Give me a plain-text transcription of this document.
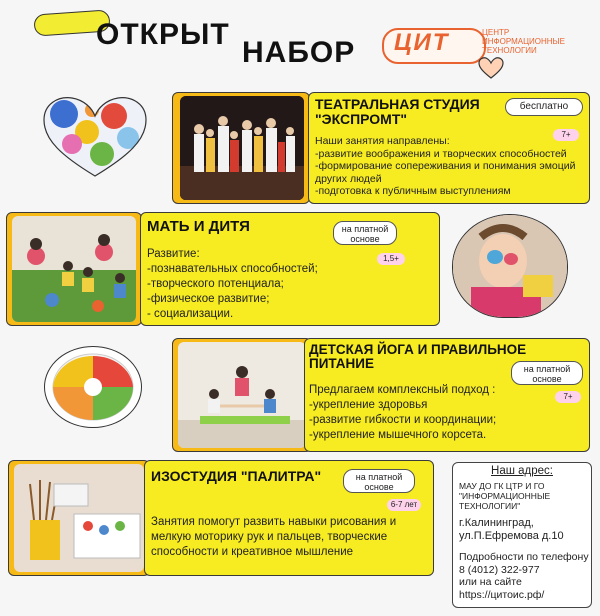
ОТКРЫТ
НАБОР ЦИТ	ЦЕНТР
ИНФОРМАЦИОННЫЕ
ТЕХНОЛОГИИ
ТЕАТРАЛЬНАЯ СТУДИЯ "ЭКСПРОМТ"
бесплатно
7+
Наши занятия направлены:
-развитие воображения и творческих способностей
-формирование сопереживания и понимания эмоций
других людей
-подготовка к публичным выступлениям
МАТЬ И ДИТЯ	на платной основе
1,5+
Развитие:
-познавательных способностей;
-творческого потенциала;
-физическое развитие;
- социализации.
ДЕТСКАЯ ЙОГА И ПРАВИЛЬНОЕ ПИТАНИЕ	на платной основе
7+
Предлагаем комплексный подход :
-укрепление здоровья
-развитие гибкости и координации;
-укрепление мышечного корсета.
ИЗОСТУДИЯ "ПАЛИТРА"	на платной основе
6-7 лет
Занятия помогут развить навыки рисования и
мелкую моторику рук и пальцев, творческие
способности и креативное мышление
Наш адрес:
МАУ ДО ГК ЦТР И ГО
"ИНФОРМАЦИОННЫЕ
ТЕХНОЛОГИИ"
г.Калининград,
ул.П.Ефремова д.10
Подробности по телефону
8 (4012) 322-977
или на сайте
https://цитоис.рф/
